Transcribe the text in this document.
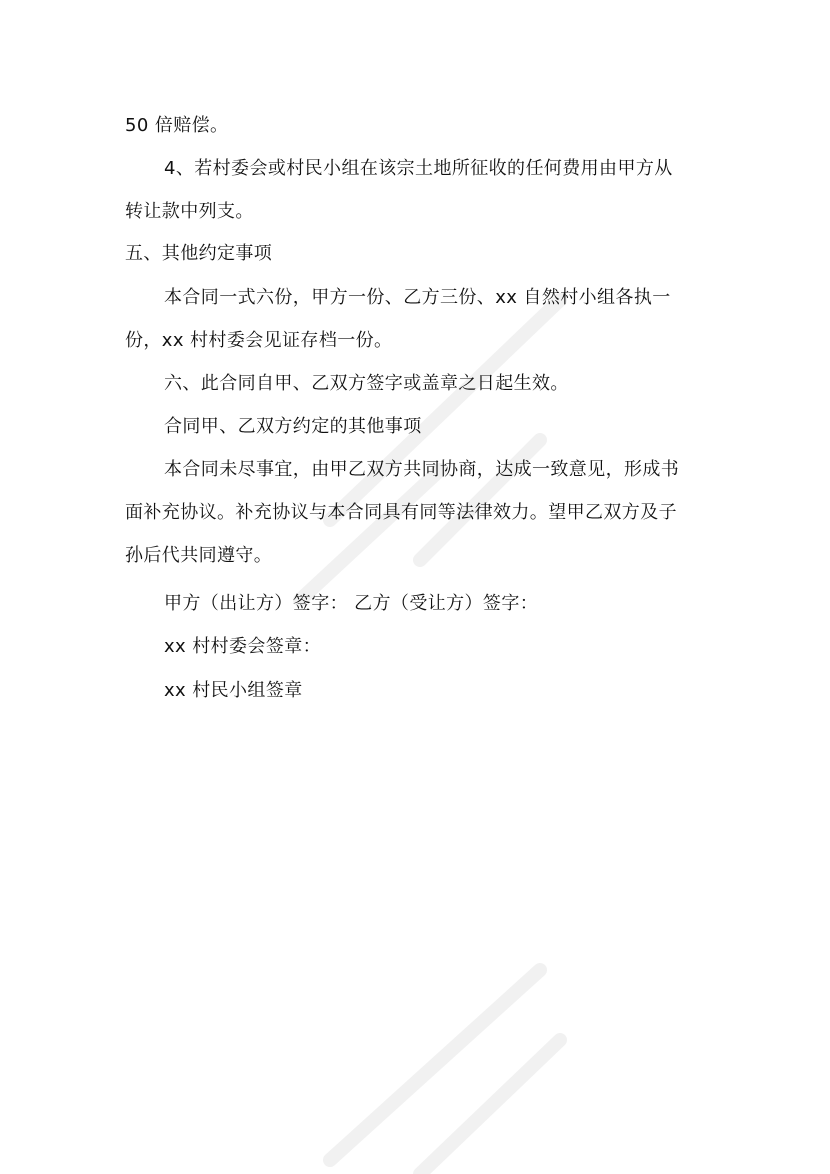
50 倍赔偿。
4、若村委会或村民小组在该宗土地所征收的任何费用由甲方从
转让款中列支。
五、其他约定事项
本合同一式六份，甲方一份、乙方三份、xx 自然村小组各执一
份，xx 村村委会见证存档一份。
六、此合同自甲、乙双方签字或盖章之日起生效。
合同甲、乙双方约定的其他事项
本合同未尽事宜，由甲乙双方共同协商，达成一致意见，形成书
面补充协议。补充协议与本合同具有同等法律效力。望甲乙双方及子
孙后代共同遵守。
甲方（出让方）签字： 乙方（受让方）签字：
xx 村村委会签章：
xx 村民小组签章
